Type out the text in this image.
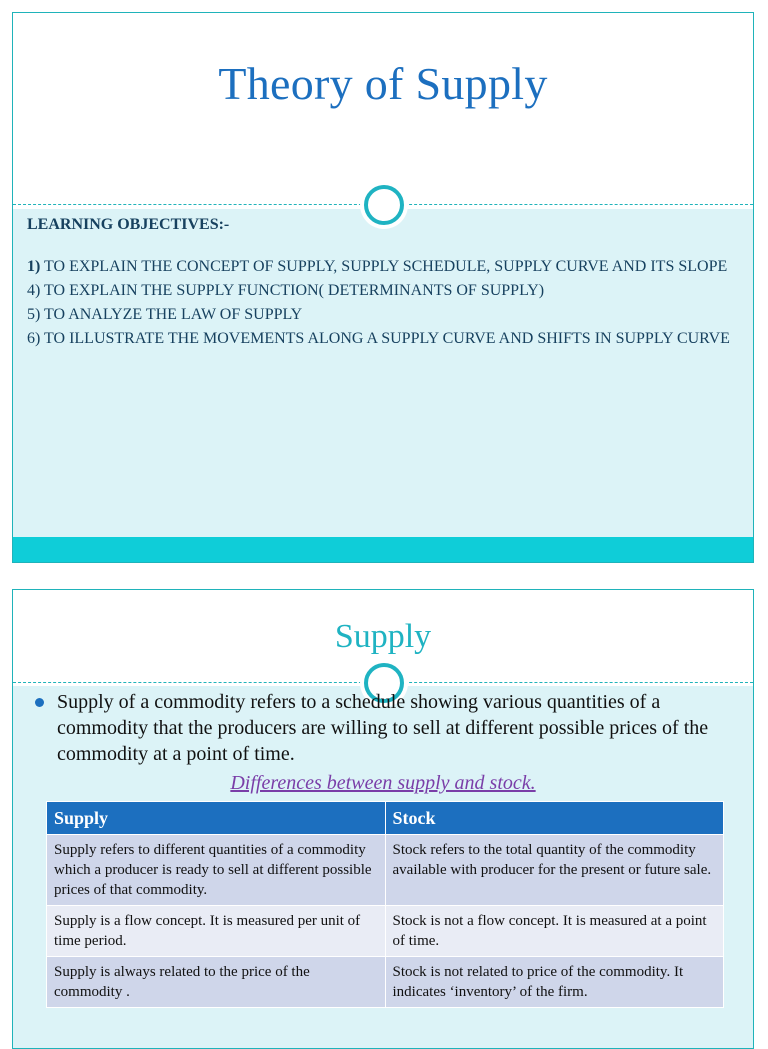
Theory of Supply
LEARNING OBJECTIVES:-
1) TO EXPLAIN THE CONCEPT OF SUPPLY, SUPPLY SCHEDULE, SUPPLY CURVE AND ITS SLOPE
4) TO EXPLAIN THE SUPPLY FUNCTION( DETERMINANTS OF SUPPLY)
5) TO ANALYZE THE LAW OF SUPPLY
6) TO ILLUSTRATE THE MOVEMENTS ALONG A SUPPLY CURVE AND SHIFTS IN SUPPLY CURVE
Supply
Supply of a commodity refers to a schedule showing various quantities of a commodity that the producers are willing to sell at different possible prices of the commodity at a point of time.
Differences between supply and stock.
Supply	Stock
Supply refers to different quantities of a commodity which a producer is ready to sell at different possible prices of that commodity.	Stock refers to the total quantity of the commodity available with producer for the present or future sale.
Supply is a flow concept. It is measured per unit of time period.	Stock is not a flow concept. It is measured at a point of time.
Supply is always related to the price of the commodity .	Stock is not related to price of the commodity. It indicates ‘inventory’ of the firm.
